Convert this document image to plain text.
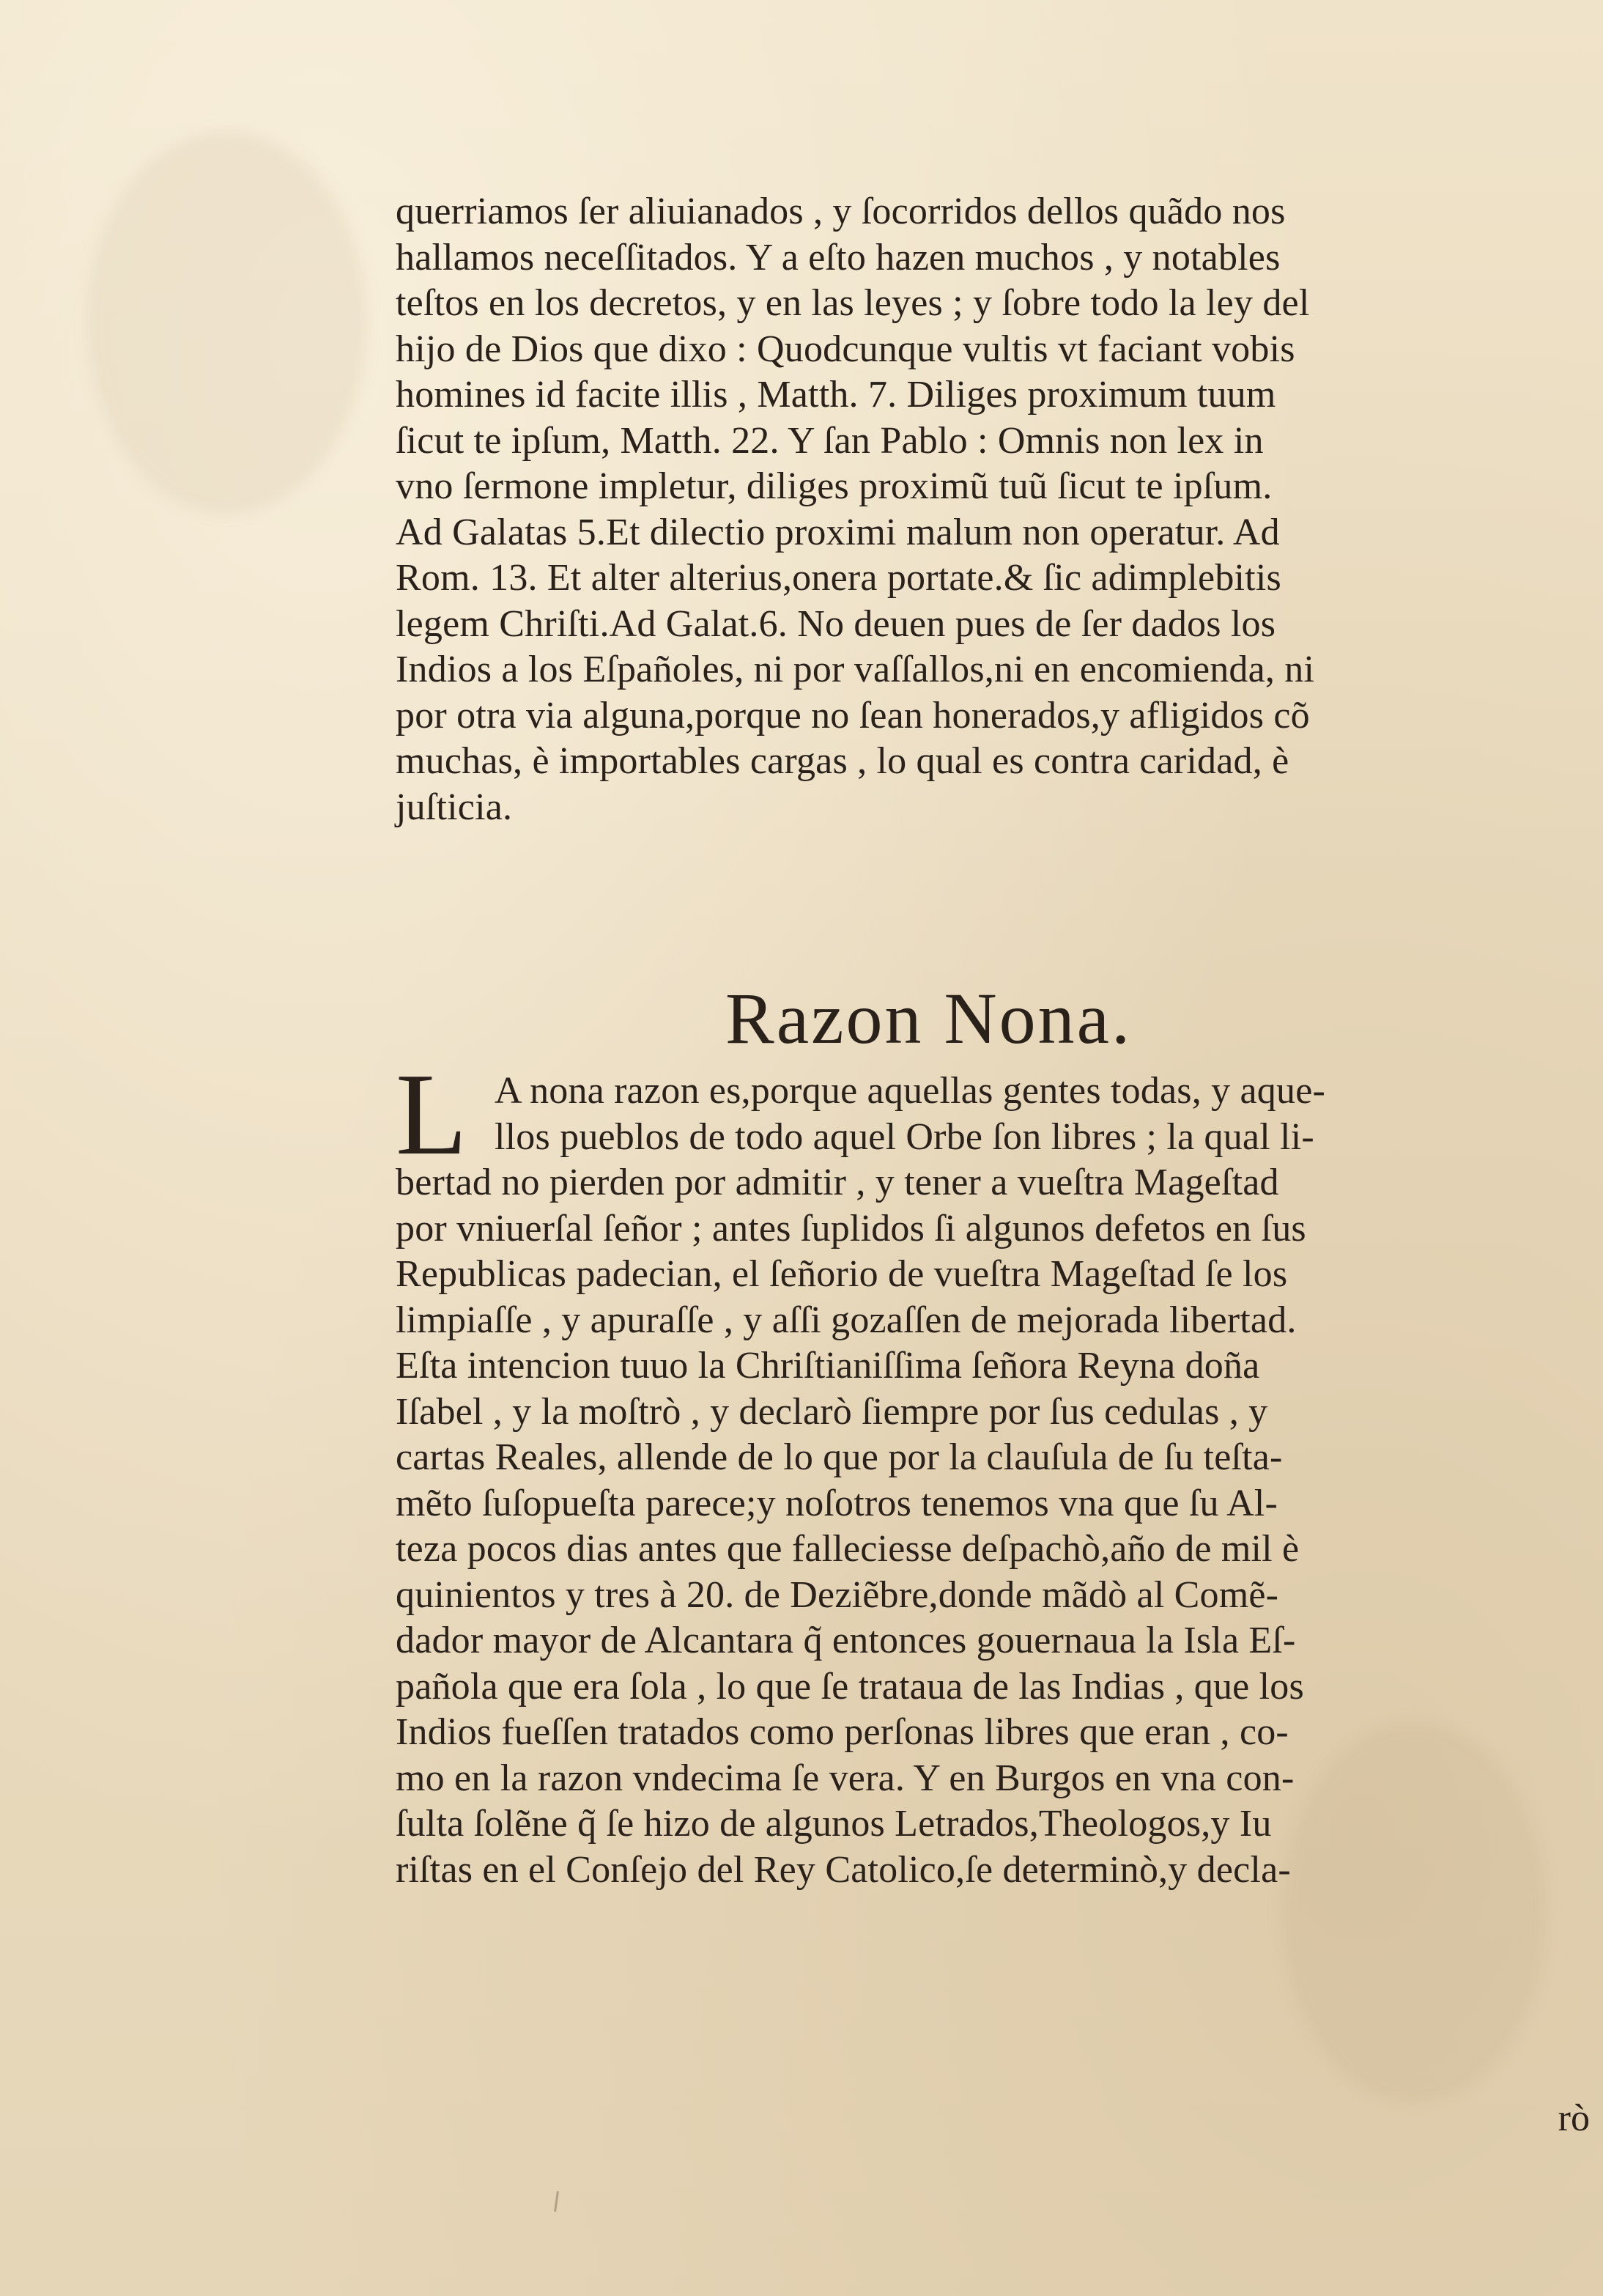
querriamos ſer aliuianados , y ſocorridos dellos quãdo nos
hallamos neceſſitados. Y a eſto hazen muchos , y notables
teſtos en los decretos, y en las leyes ; y ſobre todo la ley del
hijo de Dios que dixo : Quodcunque vultis vt faciant vobis
homines id facite illis , Matth. 7. Diliges proximum tuum
ſicut te ipſum, Matth. 22. Y ſan Pablo : Omnis non lex in
vno ſermone impletur, diliges proximũ tuũ ſicut te ipſum.
Ad Galatas 5.Et dilectio proximi malum non operatur. Ad
Rom. 13. Et alter alterius,onera portate.& ſic adimplebitis
legem Chriſti.Ad Galat.6. No deuen pues de ſer dados los
Indios a los Eſpañoles, ni por vaſſallos,ni en encomienda, ni
por otra via alguna,porque no ſean honerados,y afligidos cõ
muchas, è importables cargas , lo qual es contra caridad, è
juſticia.
Razon Nona.
L A nona razon es,porque aquellas gentes todas, y aque-
llos pueblos de todo aquel Orbe ſon libres ; la qual li-
bertad no pierden por admitir , y tener a vueſtra Mageſtad
por vniuerſal ſeñor ; antes ſuplidos ſi algunos defetos en ſus
Republicas padecian, el ſeñorio de vueſtra Mageſtad ſe los
limpiaſſe , y apuraſſe , y aſſi gozaſſen de mejorada libertad.
Eſta intencion tuuo la Chriſtianiſſima ſeñora Reyna doña
Iſabel , y la moſtrò , y declarò ſiempre por ſus cedulas , y
cartas Reales, allende de lo que por la clauſula de ſu teſta-
mẽto ſuſopueſta parece;y noſotros tenemos vna que ſu Al-
teza pocos dias antes que falleciesse deſpachò,año de mil è
quinientos y tres à 20. de Deziẽbre,donde mãdò al Comẽ-
dador mayor de Alcantara q̃ entonces gouernaua la Isla Eſ-
pañola que era ſola , lo que ſe trataua de las Indias , que los
Indios fueſſen tratados como perſonas libres que eran , co-
mo en la razon vndecima ſe vera. Y en Burgos en vna con-
ſulta ſolẽne q̃ ſe hizo de algunos Letrados,Theologos,y Iu
riſtas en el Conſejo del Rey Catolico,ſe determinò,y decla-
rò
